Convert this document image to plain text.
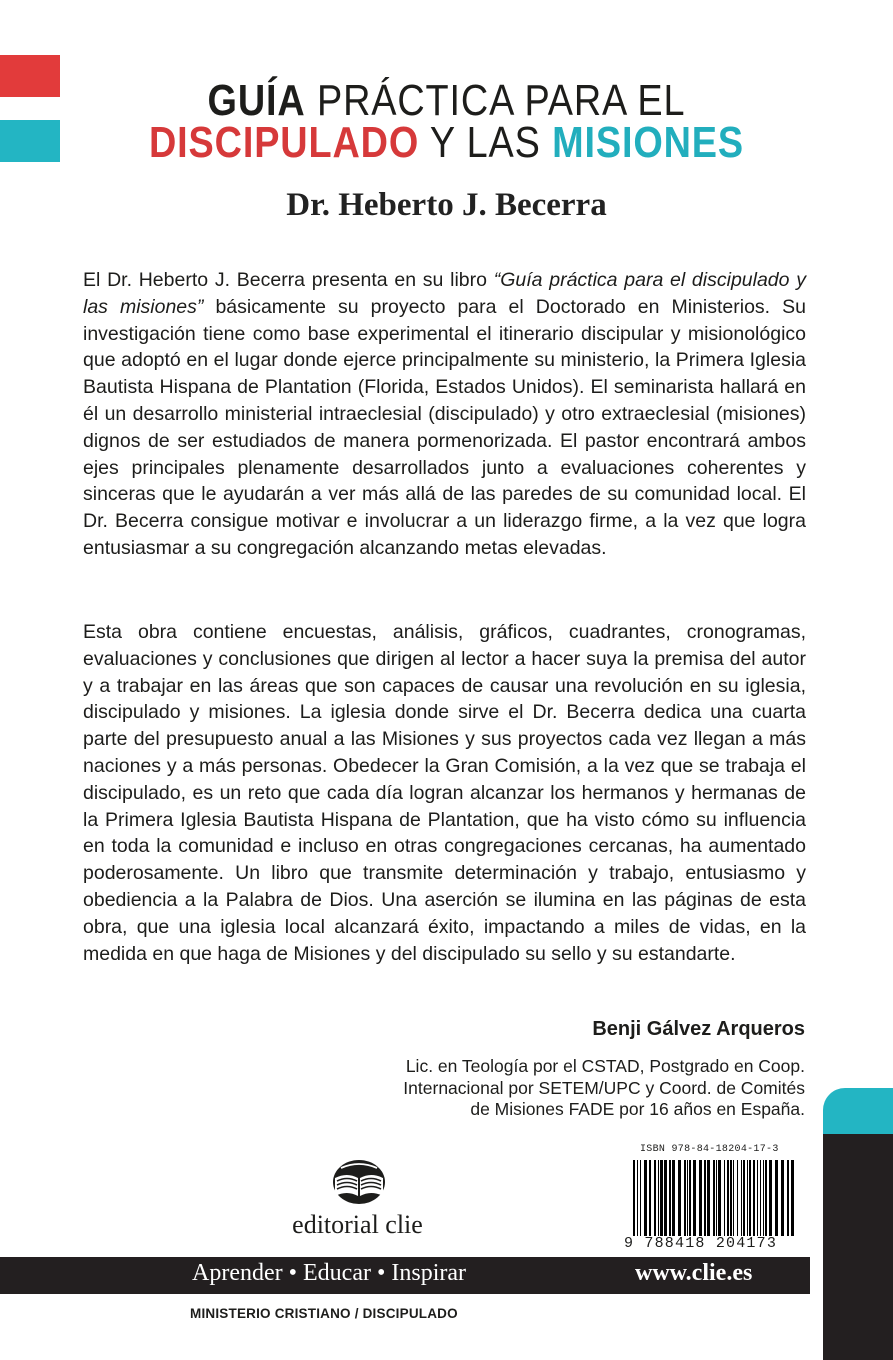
GUÍA PRÁCTICA PARA EL
DISCIPULADO Y LAS MISIONES

Dr. Heberto J. Becerra

El Dr. Heberto J. Becerra presenta en su libro “Guía práctica para el discipulado y las misiones” básicamente su proyecto para el Doctorado en Ministerios. Su investigación tiene como base experimental el itinerario discipular y misionológico que adoptó en el lugar donde ejerce principalmente su ministerio, la Primera Iglesia Bautista Hispana de Plantation (Florida, Estados Unidos). El seminarista hallará en él un desarrollo ministerial intraeclesial (discipulado) y otro extraeclesial (misiones) dignos de ser estudiados de manera pormenorizada. El pastor encontrará ambos ejes principales plenamente desarrollados junto a evaluaciones coherentes y sinceras que le ayudarán a ver más allá de las paredes de su comunidad local. El Dr. Becerra consigue motivar e involucrar a un liderazgo firme, a la vez que logra entusiasmar a su congregación alcanzando metas elevadas.

Esta obra contiene encuestas, análisis, gráficos, cuadrantes, cronogramas, evaluaciones y conclusiones que dirigen al lector a hacer suya la premisa del autor y a trabajar en las áreas que son capaces de causar una revolución en su iglesia, discipulado y misiones. La iglesia donde sirve el Dr. Becerra dedica una cuarta parte del presupuesto anual a las Misiones y sus proyectos cada vez llegan a más naciones y a más personas. Obedecer la Gran Comisión, a la vez que se trabaja el discipulado, es un reto que cada día logran alcanzar los hermanos y hermanas de la Primera Iglesia Bautista Hispana de Plantation, que ha visto cómo su influencia en toda la comunidad e incluso en otras congregaciones cercanas, ha aumentado poderosamente. Un libro que transmite determinación y trabajo, entusiasmo y obediencia a la Palabra de Dios. Una aserción se ilumina en las páginas de esta obra, que una iglesia local alcanzará éxito, impactando a miles de vidas, en la medida en que haga de Misiones y del discipulado su sello y su estandarte.

Benji Gálvez Arqueros

Lic. en Teología por el CSTAD, Postgrado en Coop.
Internacional por SETEM/UPC y Coord. de Comités
de Misiones FADE por 16 años en España.
ISBN 978-84-18204-17-3
9 788418 204173
editorial clie
Aprender • Educar • Inspirar	www.clie.es
MINISTERIO CRISTIANO / DISCIPULADO
